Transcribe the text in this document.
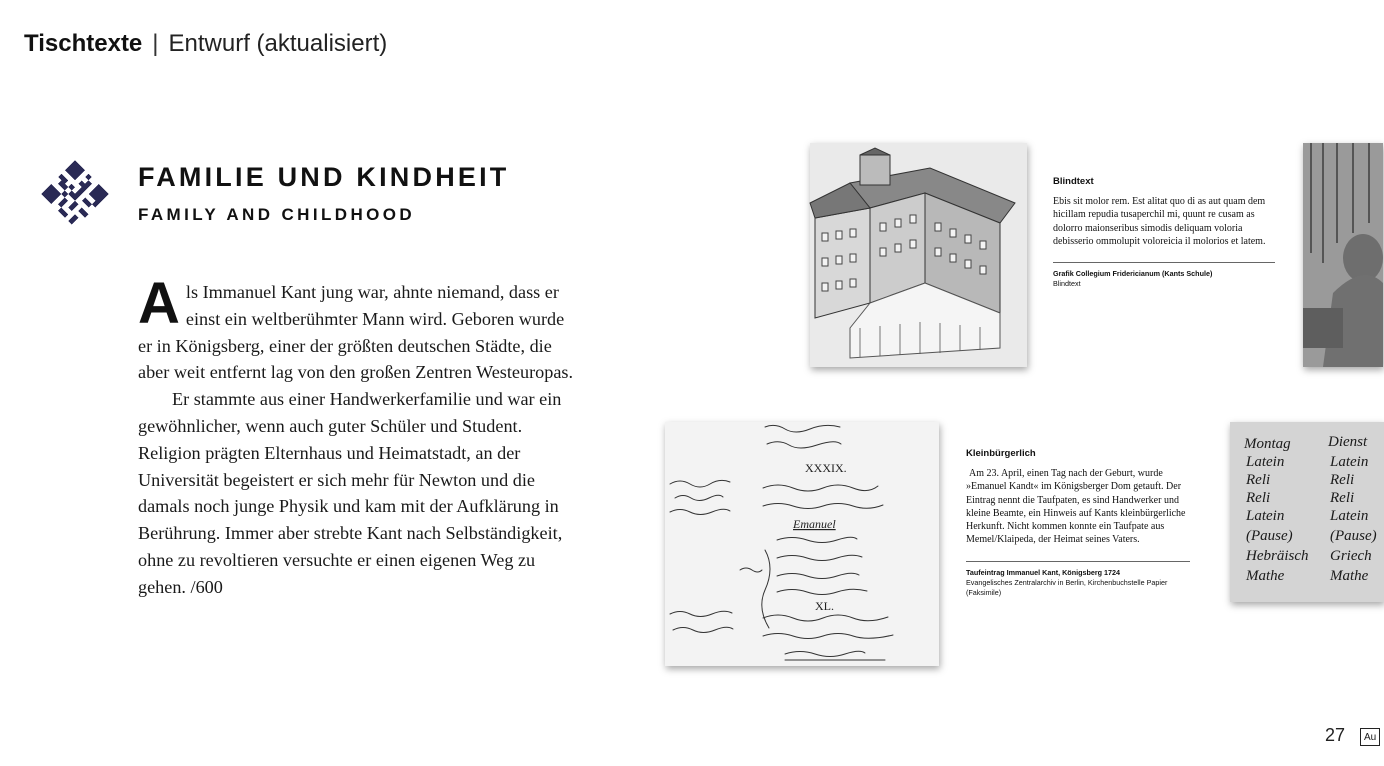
Tischtexte | Entwurf (aktualisiert)
FAMILIE UND KINDHEIT
FAMILY AND CHILDHOOD

Als Immanuel Kant jung war, ahnte niemand, dass er einst ein weltberühmter Mann wird. Geboren wurde er in Königsberg, einer der größten deutschen Städte, die aber weit entfernt lag von den großen Zentren Westeuropas.

Er stammte aus einer Handwerkerfamilie und war ein gewöhnlicher, wenn auch guter Schüler und Student. Religion prägten Elternhaus und Heimatstadt, an der Universität begeistert er sich mehr für Newton und die damals noch junge Physik und kam mit der Aufklärung in Berührung. Immer aber strebte Kant nach Selbständigkeit, ohne zu revoltieren versuchte er einen eigenen Weg zu gehen. /600

Blindtext
Ebis sit molor rem. Est alitat quo di as aut quam dem hicillam repudia tusaperchil mi, quunt re cusam as dolorro maionseribus simodis deliquam voloria debisserio ommolupit voloreicia il molorios et latem.
Grafik Collegium Fridericianum (Kants Schule)
Blindtext
XXXIX.
Emanuel
XL.
Kleinbürgerlich
Am 23. April, einen Tag nach der Geburt, wurde »Emanuel Kandt« im Königsberger Dom getauft. Der Eintrag nennt die Taufpaten, es sind Handwerker und kleine Beamte, ein Hinweis auf Kants kleinbürgerliche Herkunft. Nicht kommen konnte ein Taufpate aus Memel/Klaipeda, der Heimat seines Vaters.
Taufeintrag Immanuel Kant, Königsberg 1724
Evangelisches Zentralarchiv in Berlin, Kirchenbuchstelle Papier (Faksimile)
Montag
Latein
Reli
Reli
Latein
(Pause)
Hebräisch
Mathe
Dienst
Latein
Reli
Reli
Latein
(Pause)
Griech
Mathe
27	Au
